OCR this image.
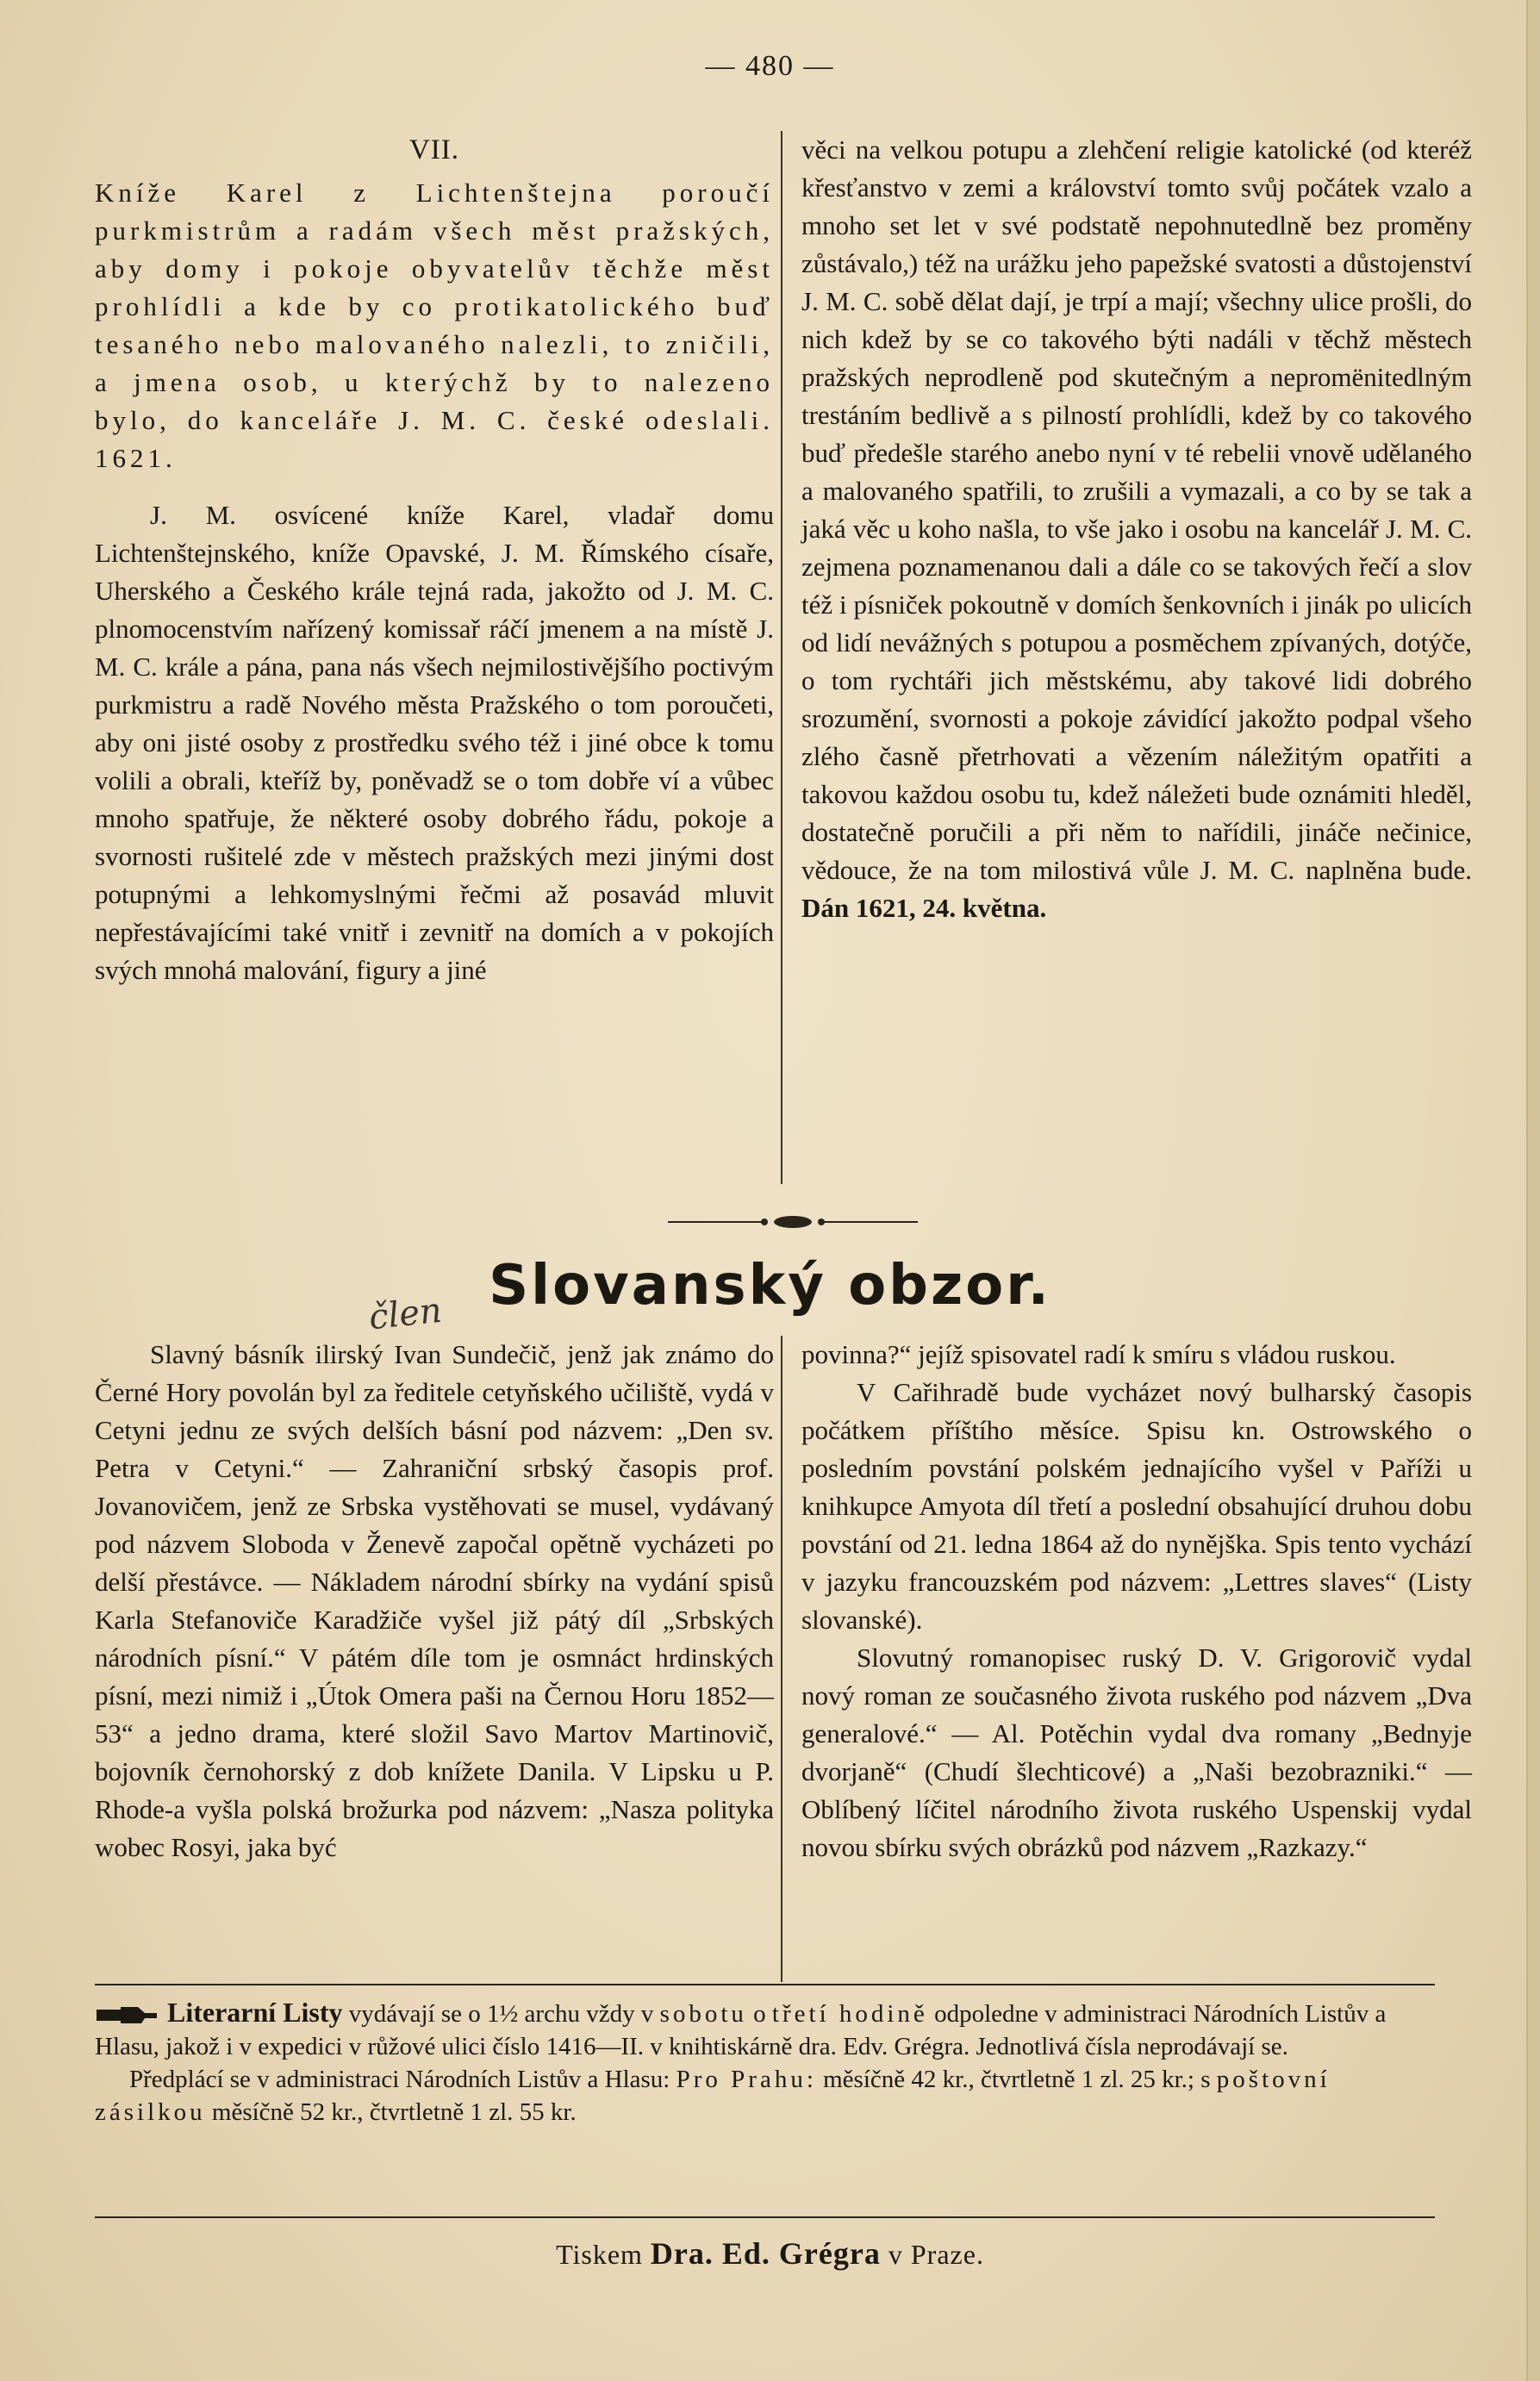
— 480 —
VII.

Kníže Karel z Lichtenštejna poroučí purkmistrům a radám všech měst pražských, aby domy i pokoje obyvatelův těchže měst prohlídli a kde by co protikatolického buď tesaného nebo malovaného nalezli, to zničili, a jmena osob, u kterýchž by to nalezeno bylo, do kanceláře J. M. C. české odeslali. 1621.

J. M. osvícené kníže Karel, vladař domu Lichtenštejnského, kníže Opavské, J. M. Římského císaře, Uherského a Českého krále tejná rada, jakožto od J. M. C. plnomocenstvím nařízený komissař ráčí jmenem a na místě J. M. C. krále a pána, pana nás všech nejmilostivějšího poctivým purkmistru a radě Nového města Pražského o tom poroučeti, aby oni jisté osoby z prostředku svého též i jiné obce k tomu volili a obrali, kteříž by, poněvadž se o tom dobře ví a vůbec mnoho spatřuje, že některé osoby dobrého řádu, pokoje a svornosti rušitelé zde v městech pražských mezi jinými dost potupnými a lehkomyslnými řečmi až posavád mluvit nepřestávajícími také vnitř i zevnitř na domích a v pokojích svých mnohá malování, figury a jiné

věci na velkou potupu a zlehčení religie katolické (od kteréž křesťanstvo v zemi a království tomto svůj počátek vzalo a mnoho set let v své podstatě nepohnutedlně bez proměny zůstávalo,) též na urážku jeho papežské svatosti a důstojenství J. M. C. sobě dělat dají, je trpí a mají; všechny ulice prošli, do nich kdež by se co takového býti nadáli v těchž městech pražských neprodleně pod skutečným a nepromënitedlným trestáním bedlivě a s pilností prohlídli, kdež by co takového buď předešle starého anebo nyní v té rebelii vnově udělaného a malovaného spatřili, to zrušili a vymazali, a co by se tak a jaká věc u koho našla, to vše jako i osobu na kancelář J. M. C. zejmena poznamenanou dali a dále co se takových řečí a slov též i písniček pokoutně v domích šenkovních i jinák po ulicích od lidí nevážných s potupou a posměchem zpívaných, dotýče, o tom rychtáři jich městskému, aby takové lidi dobrého srozumění, svornosti a pokoje závidící jakožto podpal všeho zlého časně přetrhovati a vězením náležitým opatřiti a takovou každou osobu tu, kdež náležeti bude oznámiti hleděl, dostatečně poručili a při něm to nařídili, jináče nečinice, vědouce, že na tom milostivá vůle J. M. C. naplněna bude. Dán 1621, 24. května.

Slovanský obzor.
člen

Slavný básník ilirský Ivan Sundečič, jenž jak známo do Černé Hory povolán byl za ředitele cetyňského učiliště, vydá v Cetyni jednu ze svých delších básní pod názvem: „Den sv. Petra v Cetyni.“ — Zahraniční srbský časopis prof. Jovanovičem, jenž ze Srbska vystěhovati se musel, vydávaný pod názvem Sloboda v Ženevě započal opětně vycházeti po delší přestávce. — Nákladem národní sbírky na vydání spisů Karla Stefanoviče Karadžiče vyšel již pátý díl „Srbských národních písní.“ V pátém díle tom je osmnáct hrdinských písní, mezi nimiž i „Útok Omera paši na Černou Horu 1852—53“ a jedno drama, které složil Savo Martov Martinovič, bojovník černohorský z dob knížete Danila. V Lipsku u P. Rhode-a vyšla polská brožurka pod názvem: „Nasza polityka wobec Rosyi, jaka być

povinna?“ jejíž spisovatel radí k smíru s vládou ruskou.

V Cařihradě bude vycházet nový bulharský časopis počátkem příštího měsíce. Spisu kn. Ostrowského o posledním povstání polském jednajícího vyšel v Paříži u knihkupce Amyota díl třetí a poslední obsahující druhou dobu povstání od 21. ledna 1864 až do nynějška. Spis tento vychází v jazyku francouzském pod názvem: „Lettres slaves“ (Listy slovanské).

Slovutný romanopisec ruský D. V. Grigorovič vydal nový roman ze současného života ruského pod názvem „Dva generalové.“ — Al. Potěchin vydal dva romany „Bednyje dvorjaně“ (Chudí šlechticové) a „Naši bezobrazniki.“ — Oblíbený líčitel národního života ruského Uspenskij vydal novou sbírku svých obrázků pod názvem „Razkazy.“

Literarní Listy vydávají se o 1½ archu vždy v sobotu o třetí hodině odpoledne v administraci Národních Listův a Hlasu, jakož i v expedici v růžové ulici číslo 1416—II. v knihtiskárně dra. Edv. Grégra. Jednotlivá čísla neprodávají se.
Předplácí se v administraci Národních Listův a Hlasu: Pro Prahu: měsíčně 42 kr., čtvrtletně 1 zl. 25 kr.; s poštovní zásilkou měsíčně 52 kr., čtvrtletně 1 zl. 55 kr.
Tiskem Dra. Ed. Grégra v Praze.
